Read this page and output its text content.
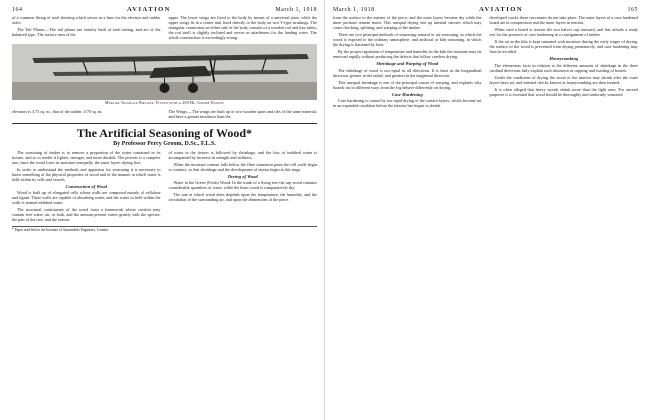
164	AVIATION	March 1, 1918

of a common fitting of steel sheeting which serves as a base for the elevator and rudder axles.

The Tail Planes.—The tail planes are entirely built of steel tubing, and are of the balanced type. The surface area of the

upper. The lower wings are fixed to the body by means of a universal joint, while the upper wings fit in a center unit fixed directly to the body on two V-type struttings. The triangular connection on either side of the body consists of a wooden rod and four tubes; the rod itself is slightly inclined and serves as attachment for the landing wires. The whole construction is exceedingly strong.

Mercar Triangle Biplane, Fitted with a 200-Hp. Gnome Engine

elevators is 3.75 sq. m.; that of the rudder, 0.76 sq. m.	The Wings.—The wings are built up of two wooden spars and ribs of the same material, and have a greater incidence than the

The Artificial Seasoning of Wood*
By Professor Percy Groom, D.Sc., F.L.S.

The seasoning of timber is to remove a proportion of the water contained in its tissues, and so to render it lighter, stronger, and more durable. The process is a complex one, since the wood loses its moisture unequally, the outer layers drying first.

In order to understand the methods and apparatus for seasoning it is necessary to know something of the physical properties of wood and of the manner in which water is held within its cells and vessels.

Construction of Wood

Wood is built up of elongated cells whose walls are composed mainly of cellulose and lignin. These walls are capable of absorbing water, and the water so held within the walls is termed imbibed water.

The structural constituents of the wood form a framework whose cavities may contain free water, air, or both, and the amount present varies greatly with the species, the part of the tree, and the season.

of water in the tissues is followed by shrinkage, and the loss of imbibed water is accompanied by increase in strength and stiffness.

When the moisture content falls below the fibre saturation point the cell walls begin to contract, so that shrinkage and the development of strains begin at this stage.

Drying of Wood

Water in the Green (Fresh) Wood. In the trunk of a living tree the sap wood contains considerable quantities of water, while the heart wood is comparatively dry.

The rate at which wood dries depends upon the temperature, the humidity, and the circulation of the surrounding air, and upon the dimensions of the piece.

* Paper read before the Institute of Automobile Engineers, London.
March 1, 1918	AVIATION	165

from the surface to the interior of the piece, and the outer layers become dry while the inner portions remain moist. This unequal drying sets up internal stresses which may cause checking, splitting, and warping of the timber.

There are two principal methods of seasoning: natural or air seasoning, in which the wood is exposed to the ordinary atmosphere; and artificial or kiln seasoning, in which the drying is hastened by heat.

By the proper regulation of temperature and humidity in the kiln the moisture may be removed rapidly without producing the defects that follow careless drying.

Shrinkage and Warping of Wood

The shrinkage of wood is not equal in all directions. It is least in the longitudinal direction, greater in the radial, and greatest in the tangential direction.

This unequal shrinkage is one of the principal causes of warping, and explains why boards cut in different ways from the log behave differently on drying.

Case Hardening

Case hardening is caused by too rapid drying of the surface layers, which become set in an expanded condition before the interior has begun to shrink.

developed cracks these curvatures do not take place. The outer layers of a case hardened board are in compression and the inner layers in tension.

When such a board is resawn the two halves cup outward, and this affords a ready test for the presence of case hardening in a consignment of timber.

If the air in the kiln is kept saturated with moisture during the early stages of drying, the surface of the wood is prevented from drying prematurely, and case hardening may thus be avoided.

Honeycombing

The elementary facts in relation to the different amounts of shrinkage in the three cardinal directions fully explain such distortion as cupping and twisting of boards.

Under the conditions of drying the wood of the interior may shrink after the outer layers have set, and internal checks known as honeycombing are then formed.

It is often alleged that heavy woods shrink more than the light ones. For aircraft purposes it is essential that wood should be thoroughly and uniformly seasoned.
